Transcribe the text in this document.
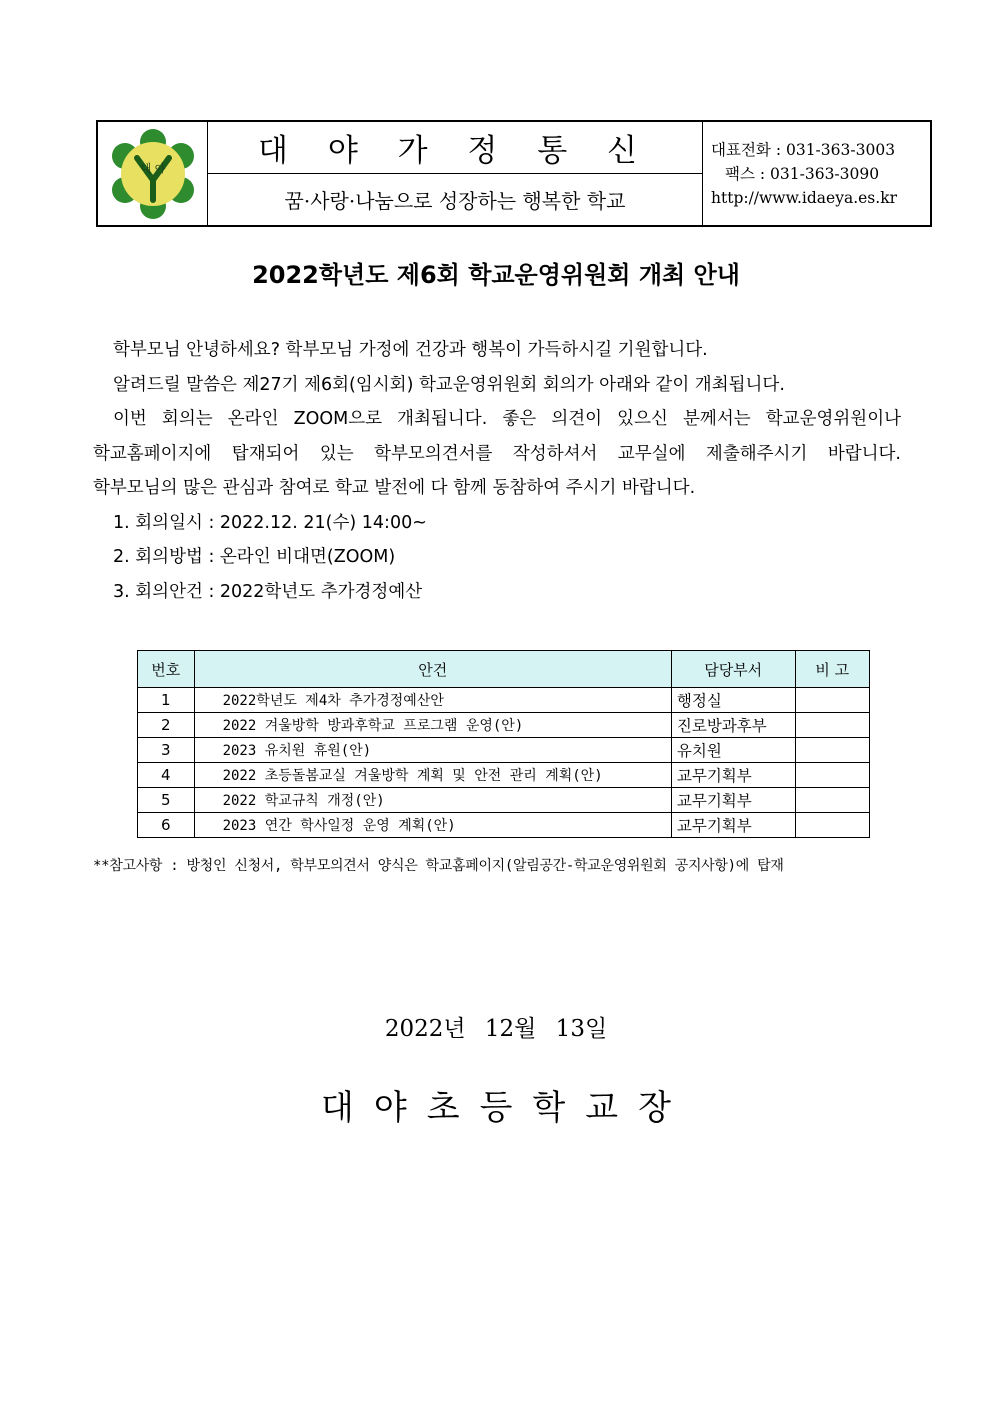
대 야	대 야 가 정 통 신
꿈·사랑·나눔으로 성장하는 행복한 학교
대표전화 : 031-363-3003
팩스 : 031-363-3090
http://www.idaeya.es.kr
2022학년도 제6회 학교운영위원회 개최 안내

학부모님 안녕하세요? 학부모님 가정에 건강과 행복이 가득하시길 기원합니다.

알려드릴 말씀은 제27기 제6회(임시회) 학교운영위원회 회의가 아래와 같이 개최됩니다.

이번 회의는 온라인 ZOOM으로 개최됩니다. 좋은 의견이 있으신 분께서는 학교운영위원이나

학교홈페이지에 탑재되어 있는 학부모의견서를 작성하셔서 교무실에 제출해주시기 바랍니다.

학부모님의 많은 관심과 참여로 학교 발전에 다 함께 동참하여 주시기 바랍니다.

1. 회의일시 : 2022.12. 21(수) 14:00~

2. 회의방법 : 온라인 비대면(ZOOM)

3. 회의안건 : 2022학년도 추가경정예산

번호	안건	담당부서	비 고
1	2022학년도 제4차 추가경정예산안	행정실	
2	2022 겨울방학 방과후학교 프로그램 운영(안)	진로방과후부	
3	2023 유치원 휴원(안)	유치원	
4	2022 초등돌봄교실 겨울방학 계획 및 안전 관리 계획(안)	교무기획부	
5	2022 학교규칙 개정(안)	교무기획부	
6	2023 연간 학사일정 운영 계획(안)	교무기획부	
**참고사항 : 방청인 신청서, 학부모의견서 양식은 학교홈페이지(알림공간-학교운영위원회 공지사항)에 탑재
2022년 12월 13일
대야초등학교장
